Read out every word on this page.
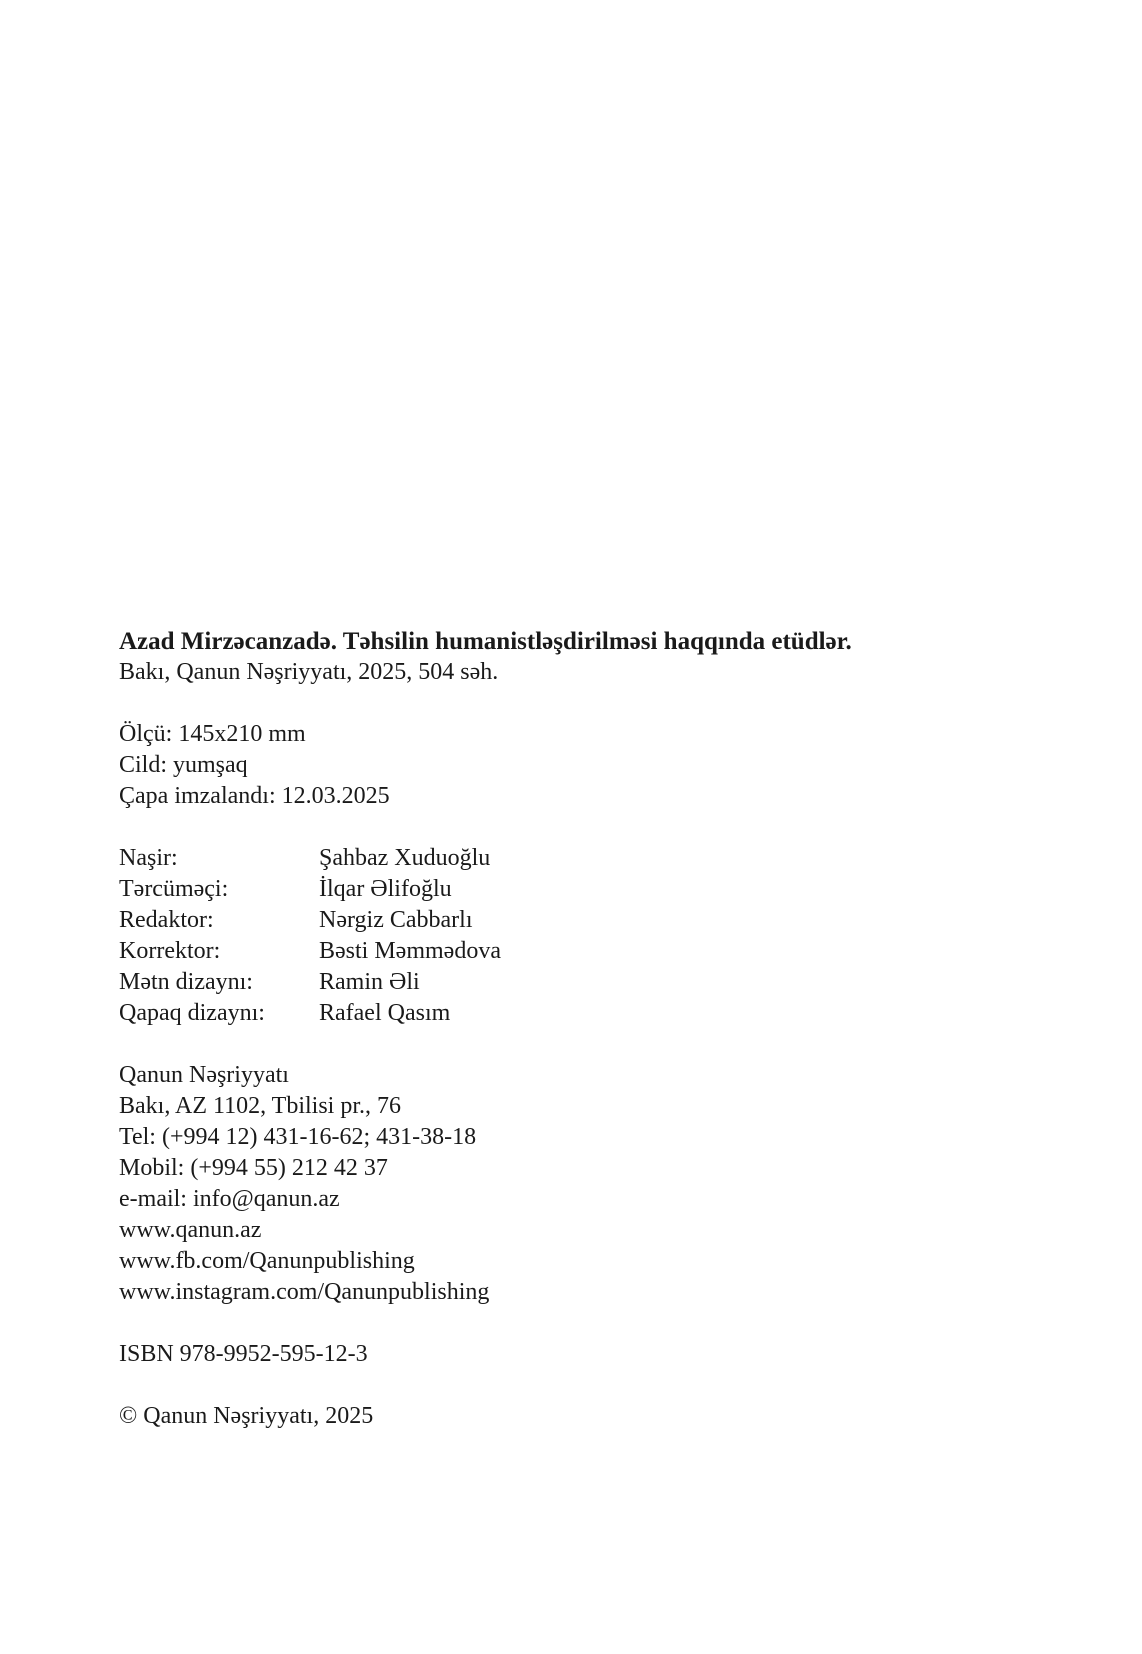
Azad Mirzəcanzadə. Təhsilin humanistləşdirilməsi haqqında etüdlər.

Bakı, Qanun Nəşriyyatı, 2025, 504 səh.

Ölçü: 145x210 mm

Cild: yumşaq

Çapa imzalandı: 12.03.2025

Naşir:	Şahbaz Xuduoğlu
Tərcüməçi:	İlqar Əlifoğlu
Redaktor:	Nərgiz Cabbarlı
Korrektor:	Bəsti Məmmədova
Mətn dizaynı:	Ramin Əli
Qapaq dizaynı:	Rafael Qasım

Qanun Nəşriyyatı

Bakı, AZ 1102, Tbilisi pr., 76

Tel: (+994 12) 431-16-62; 431-38-18

Mobil: (+994 55) 212 42 37

e-mail: info@qanun.az

www.qanun.az

www.fb.com/Qanunpublishing

www.instagram.com/Qanunpublishing

ISBN 978-9952-595-12-3

© Qanun Nəşriyyatı, 2025
